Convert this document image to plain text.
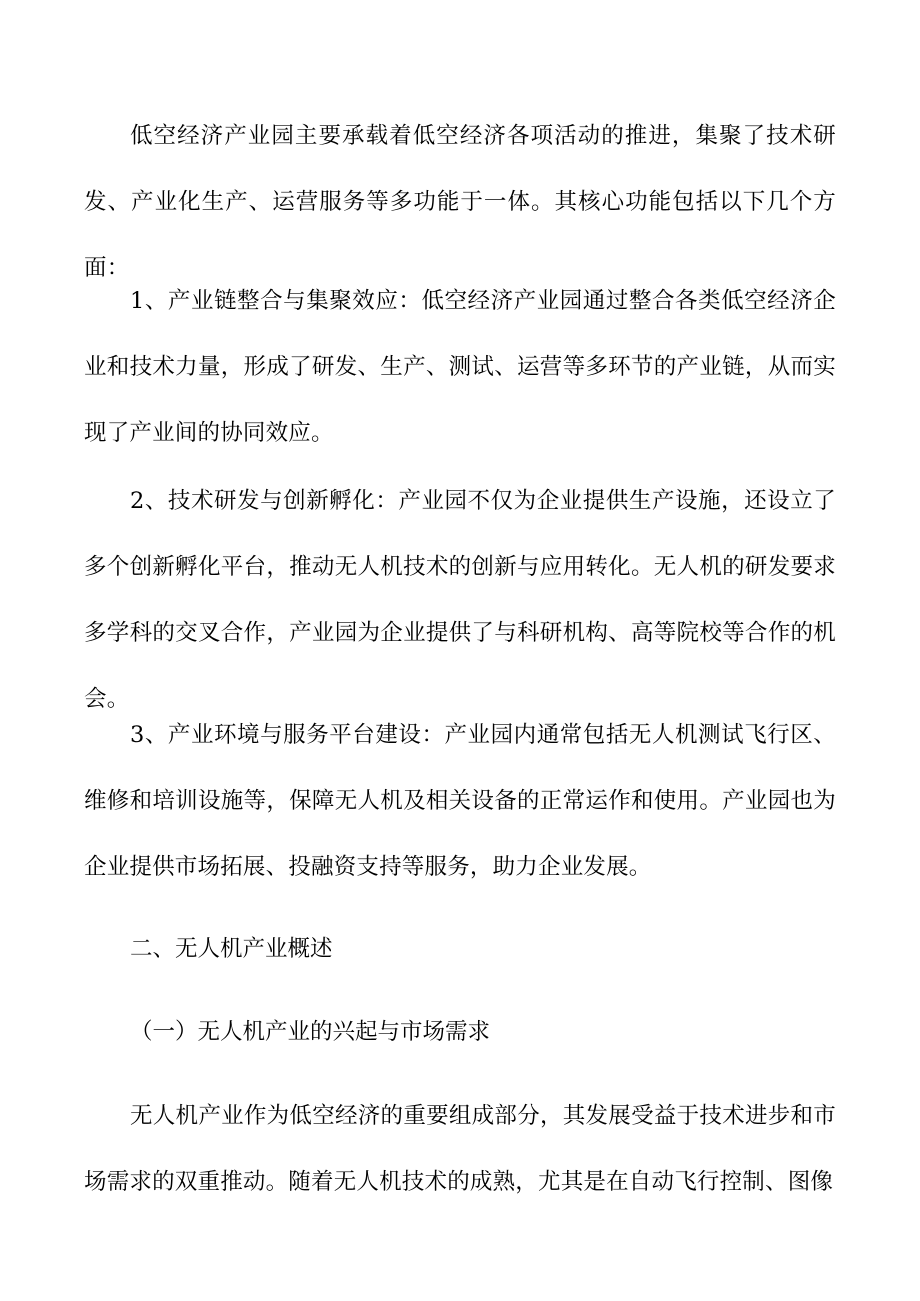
低空经济产业园主要承载着低空经济各项活动的推进，集聚了技术研发、产业化生产、运营服务等多功能于一体。其核心功能包括以下几个方面：

1、产业链整合与集聚效应：低空经济产业园通过整合各类低空经济企业和技术力量，形成了研发、生产、测试、运营等多环节的产业链，从而实现了产业间的协同效应。

2、技术研发与创新孵化：产业园不仅为企业提供生产设施，还设立了多个创新孵化平台，推动无人机技术的创新与应用转化。无人机的研发要求多学科的交叉合作，产业园为企业提供了与科研机构、高等院校等合作的机会。

3、产业环境与服务平台建设：产业园内通常包括无人机测试飞行区、维修和培训设施等，保障无人机及相关设备的正常运作和使用。产业园也为企业提供市场拓展、投融资支持等服务，助力企业发展。

二、无人机产业概述
（一）无人机产业的兴起与市场需求

无人机产业作为低空经济的重要组成部分，其发展受益于技术进步和市场需求的双重推动。随着无人机技术的成熟，尤其是在自动飞行控制、图像
